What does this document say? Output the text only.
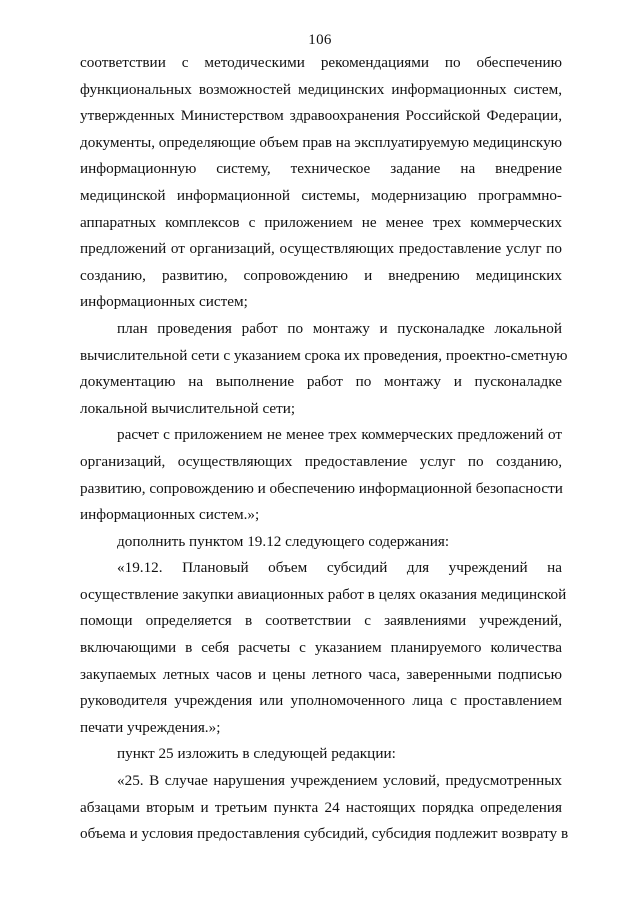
106

соответствии с методическими рекомендациями по обеспечению
функциональных возможностей медицинских информационных систем,
утвержденных Министерством здравоохранения Российской Федерации,
документы, определяющие объем прав на эксплуатируемую медицинскую
информационную систему, техническое задание на внедрение
медицинской информационной системы, модернизацию программно-
аппаратных комплексов с приложением не менее трех коммерческих
предложений от организаций, осуществляющих предоставление услуг по
созданию, развитию, сопровождению и внедрению медицинских
информационных систем;

план проведения работ по монтажу и пусконаладке локальной
вычислительной сети с указанием срока их проведения, проектно-сметную
документацию на выполнение работ по монтажу и пусконаладке
локальной вычислительной сети;

расчет с приложением не менее трех коммерческих предложений от
организаций, осуществляющих предоставление услуг по созданию,
развитию, сопровождению и обеспечению информационной безопасности
информационных систем.»;

дополнить пунктом 19.12 следующего содержания:

«19.12. Плановый объем субсидий для учреждений на
осуществление закупки авиационных работ в целях оказания медицинской
помощи определяется в соответствии с заявлениями учреждений,
включающими в себя расчеты с указанием планируемого количества
закупаемых летных часов и цены летного часа, заверенными подписью
руководителя учреждения или уполномоченного лица с проставлением
печати учреждения.»;

пункт 25 изложить в следующей редакции:

«25. В случае нарушения учреждением условий, предусмотренных
абзацами вторым и третьим пункта 24 настоящих порядка определения
объема и условия предоставления субсидий, субсидия подлежит возврату в
